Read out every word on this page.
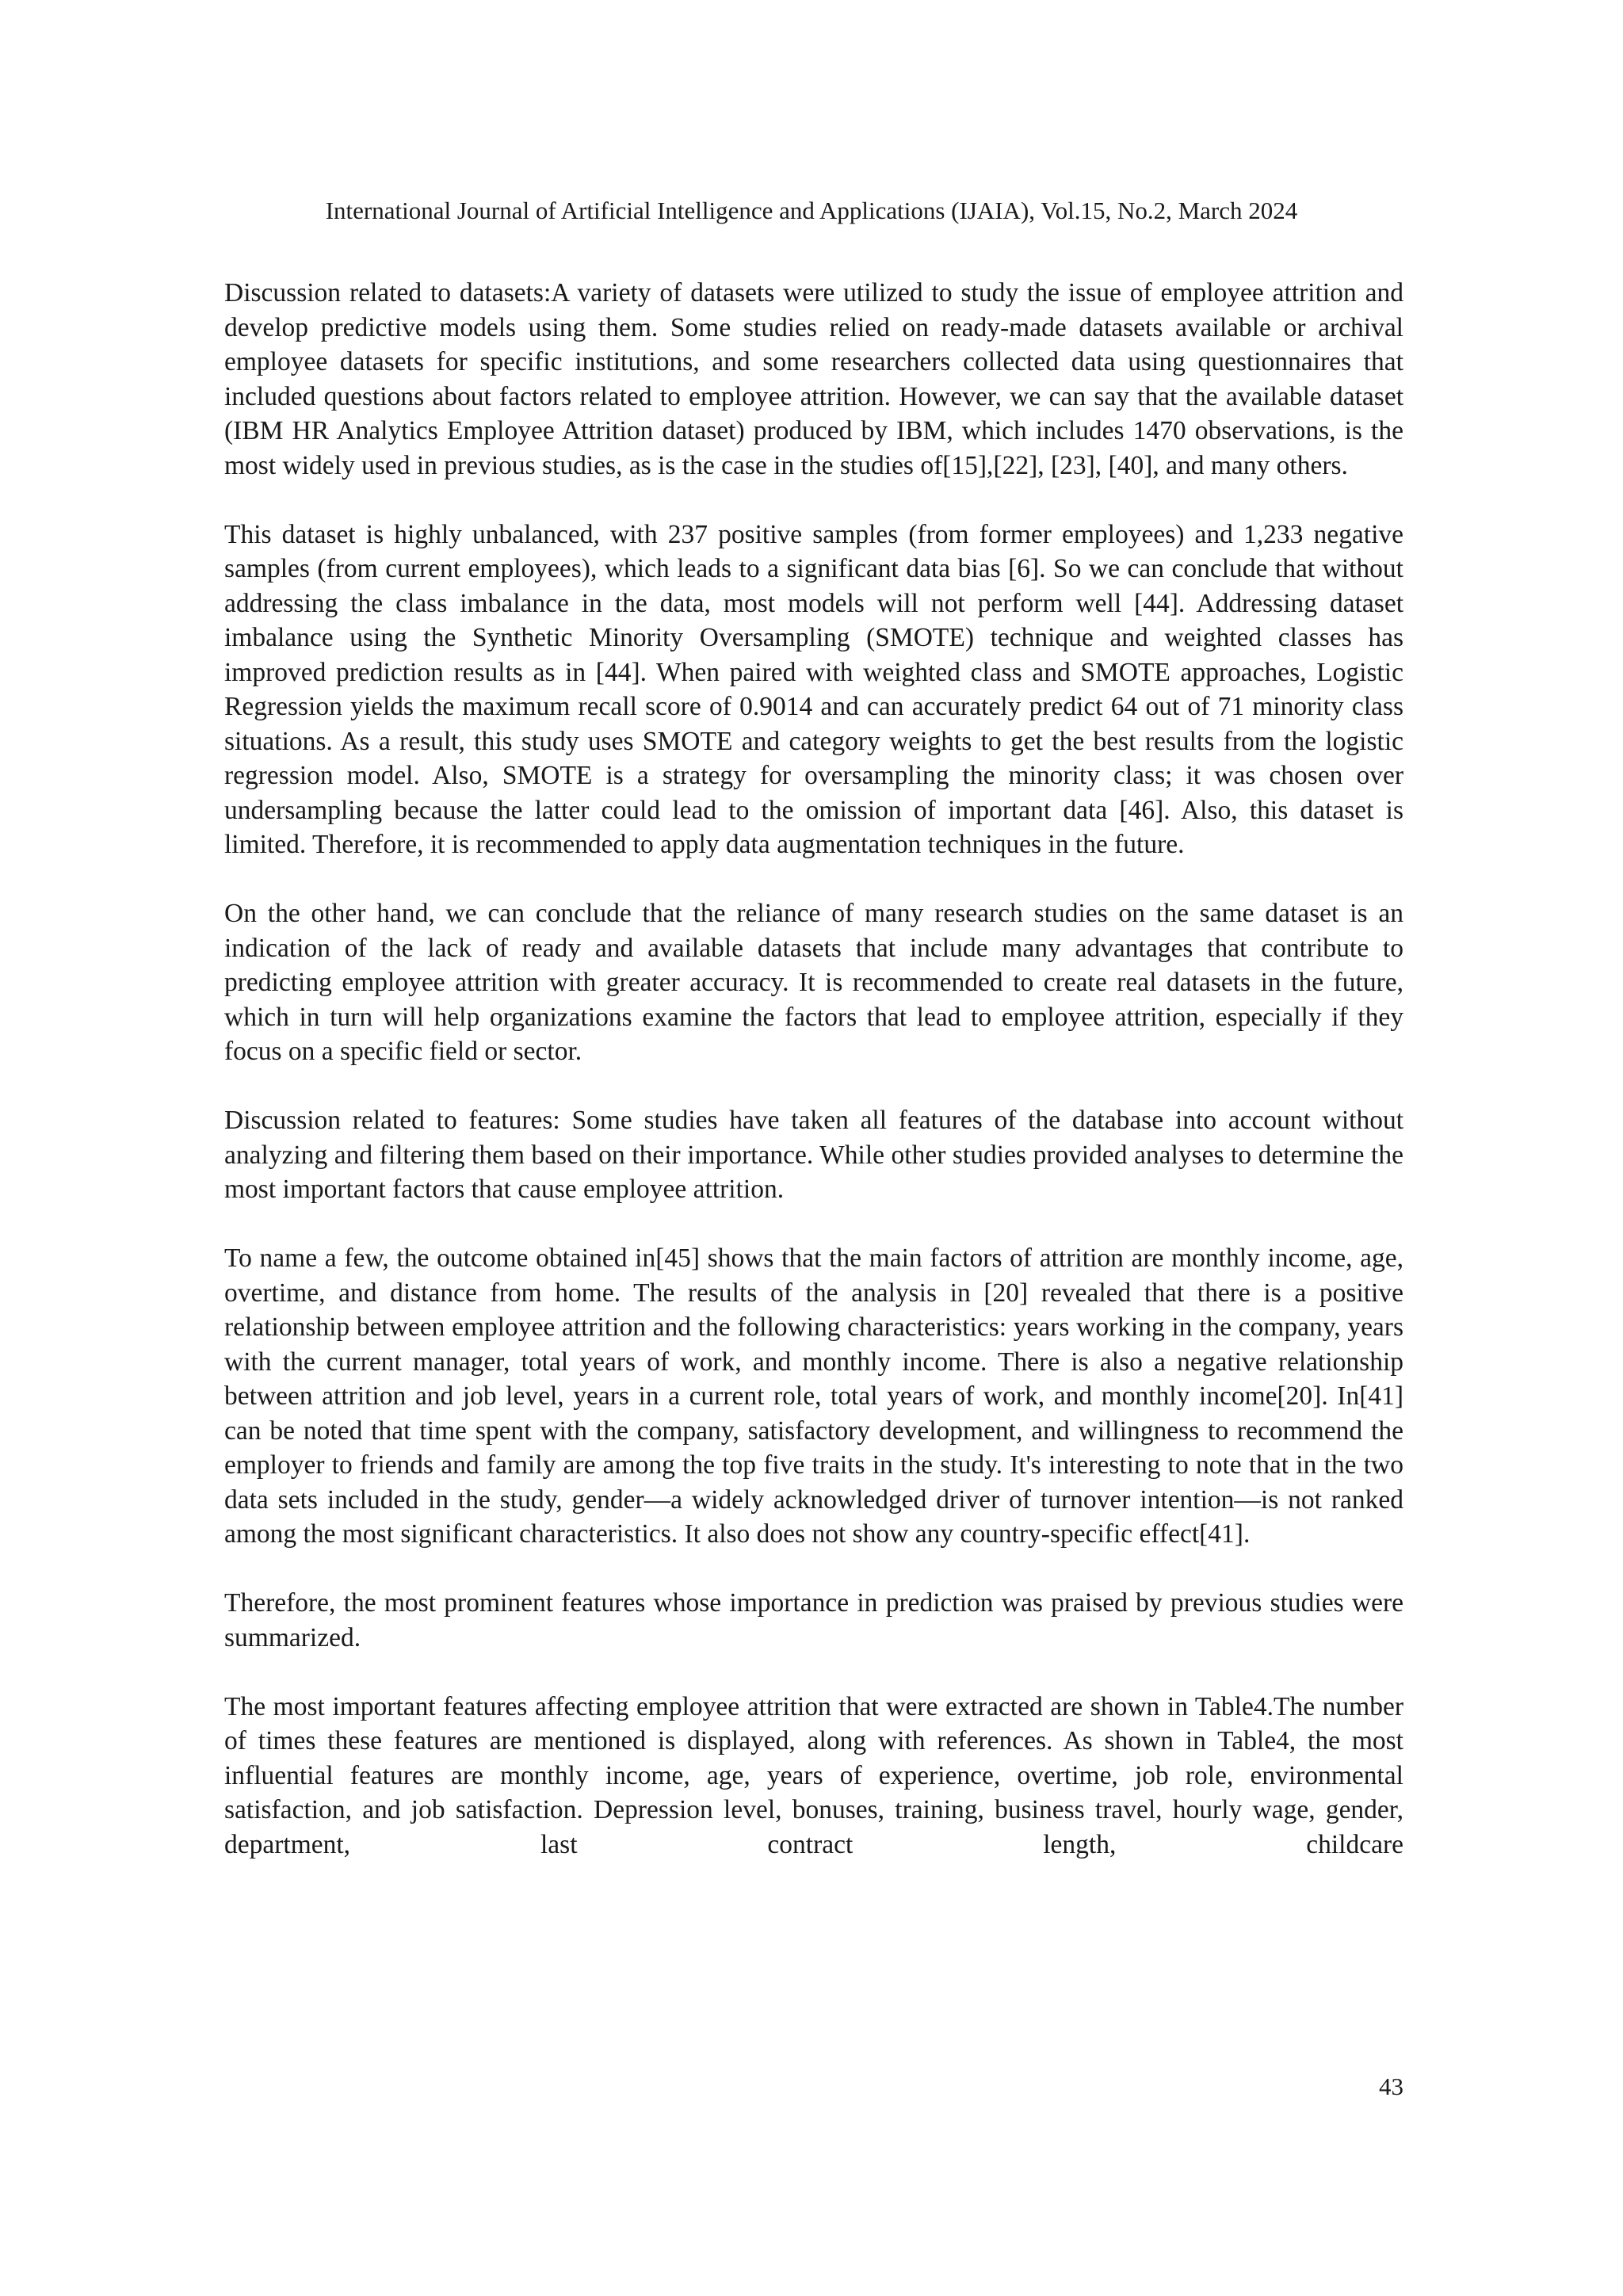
International Journal of Artificial Intelligence and Applications (IJAIA), Vol.15, No.2, March 2024

Discussion related to datasets:A variety of datasets were utilized to study the issue of employee attrition and develop predictive models using them. Some studies relied on ready-made datasets available or archival employee datasets for specific institutions, and some researchers collected data using questionnaires that included questions about factors related to employee attrition. However, we can say that the available dataset (IBM HR Analytics Employee Attrition dataset) produced by IBM, which includes 1470 observations, is the most widely used in previous studies, as is the case in the studies of[15],[22], [23], [40], and many others.

This dataset is highly unbalanced, with 237 positive samples (from former employees) and 1,233 negative samples (from current employees), which leads to a significant data bias [6]. So we can conclude that without addressing the class imbalance in the data, most models will not perform well [44]. Addressing dataset imbalance using the Synthetic Minority Oversampling (SMOTE) technique and weighted classes has improved prediction results as in [44]. When paired with weighted class and SMOTE approaches, Logistic Regression yields the maximum recall score of 0.9014 and can accurately predict 64 out of 71 minority class situations. As a result, this study uses SMOTE and category weights to get the best results from the logistic regression model. Also, SMOTE is a strategy for oversampling the minority class; it was chosen over undersampling because the latter could lead to the omission of important data [46]. Also, this dataset is limited. Therefore, it is recommended to apply data augmentation techniques in the future.

On the other hand, we can conclude that the reliance of many research studies on the same dataset is an indication of the lack of ready and available datasets that include many advantages that contribute to predicting employee attrition with greater accuracy. It is recommended to create real datasets in the future, which in turn will help organizations examine the factors that lead to employee attrition, especially if they focus on a specific field or sector.

Discussion related to features: Some studies have taken all features of the database into account without analyzing and filtering them based on their importance. While other studies provided analyses to determine the most important factors that cause employee attrition.

To name a few, the outcome obtained in[45] shows that the main factors of attrition are monthly income, age, overtime, and distance from home. The results of the analysis in [20] revealed that there is a positive relationship between employee attrition and the following characteristics: years working in the company, years with the current manager, total years of work, and monthly income. There is also a negative relationship between attrition and job level, years in a current role, total years of work, and monthly income[20]. In[41] can be noted that time spent with the company, satisfactory development, and willingness to recommend the employer to friends and family are among the top five traits in the study. It's interesting to note that in the two data sets included in the study, gender—a widely acknowledged driver of turnover intention—is not ranked among the most significant characteristics. It also does not show any country-specific effect[41].

Therefore, the most prominent features whose importance in prediction was praised by previous studies were summarized.

The most important features affecting employee attrition that were extracted are shown in Table4.The number of times these features are mentioned is displayed, along with references. As shown in Table4, the most influential features are monthly income, age, years of experience, overtime, job role, environmental satisfaction, and job satisfaction. Depression level, bonuses, training, business travel, hourly wage, gender, department, last contract length, childcare

43
